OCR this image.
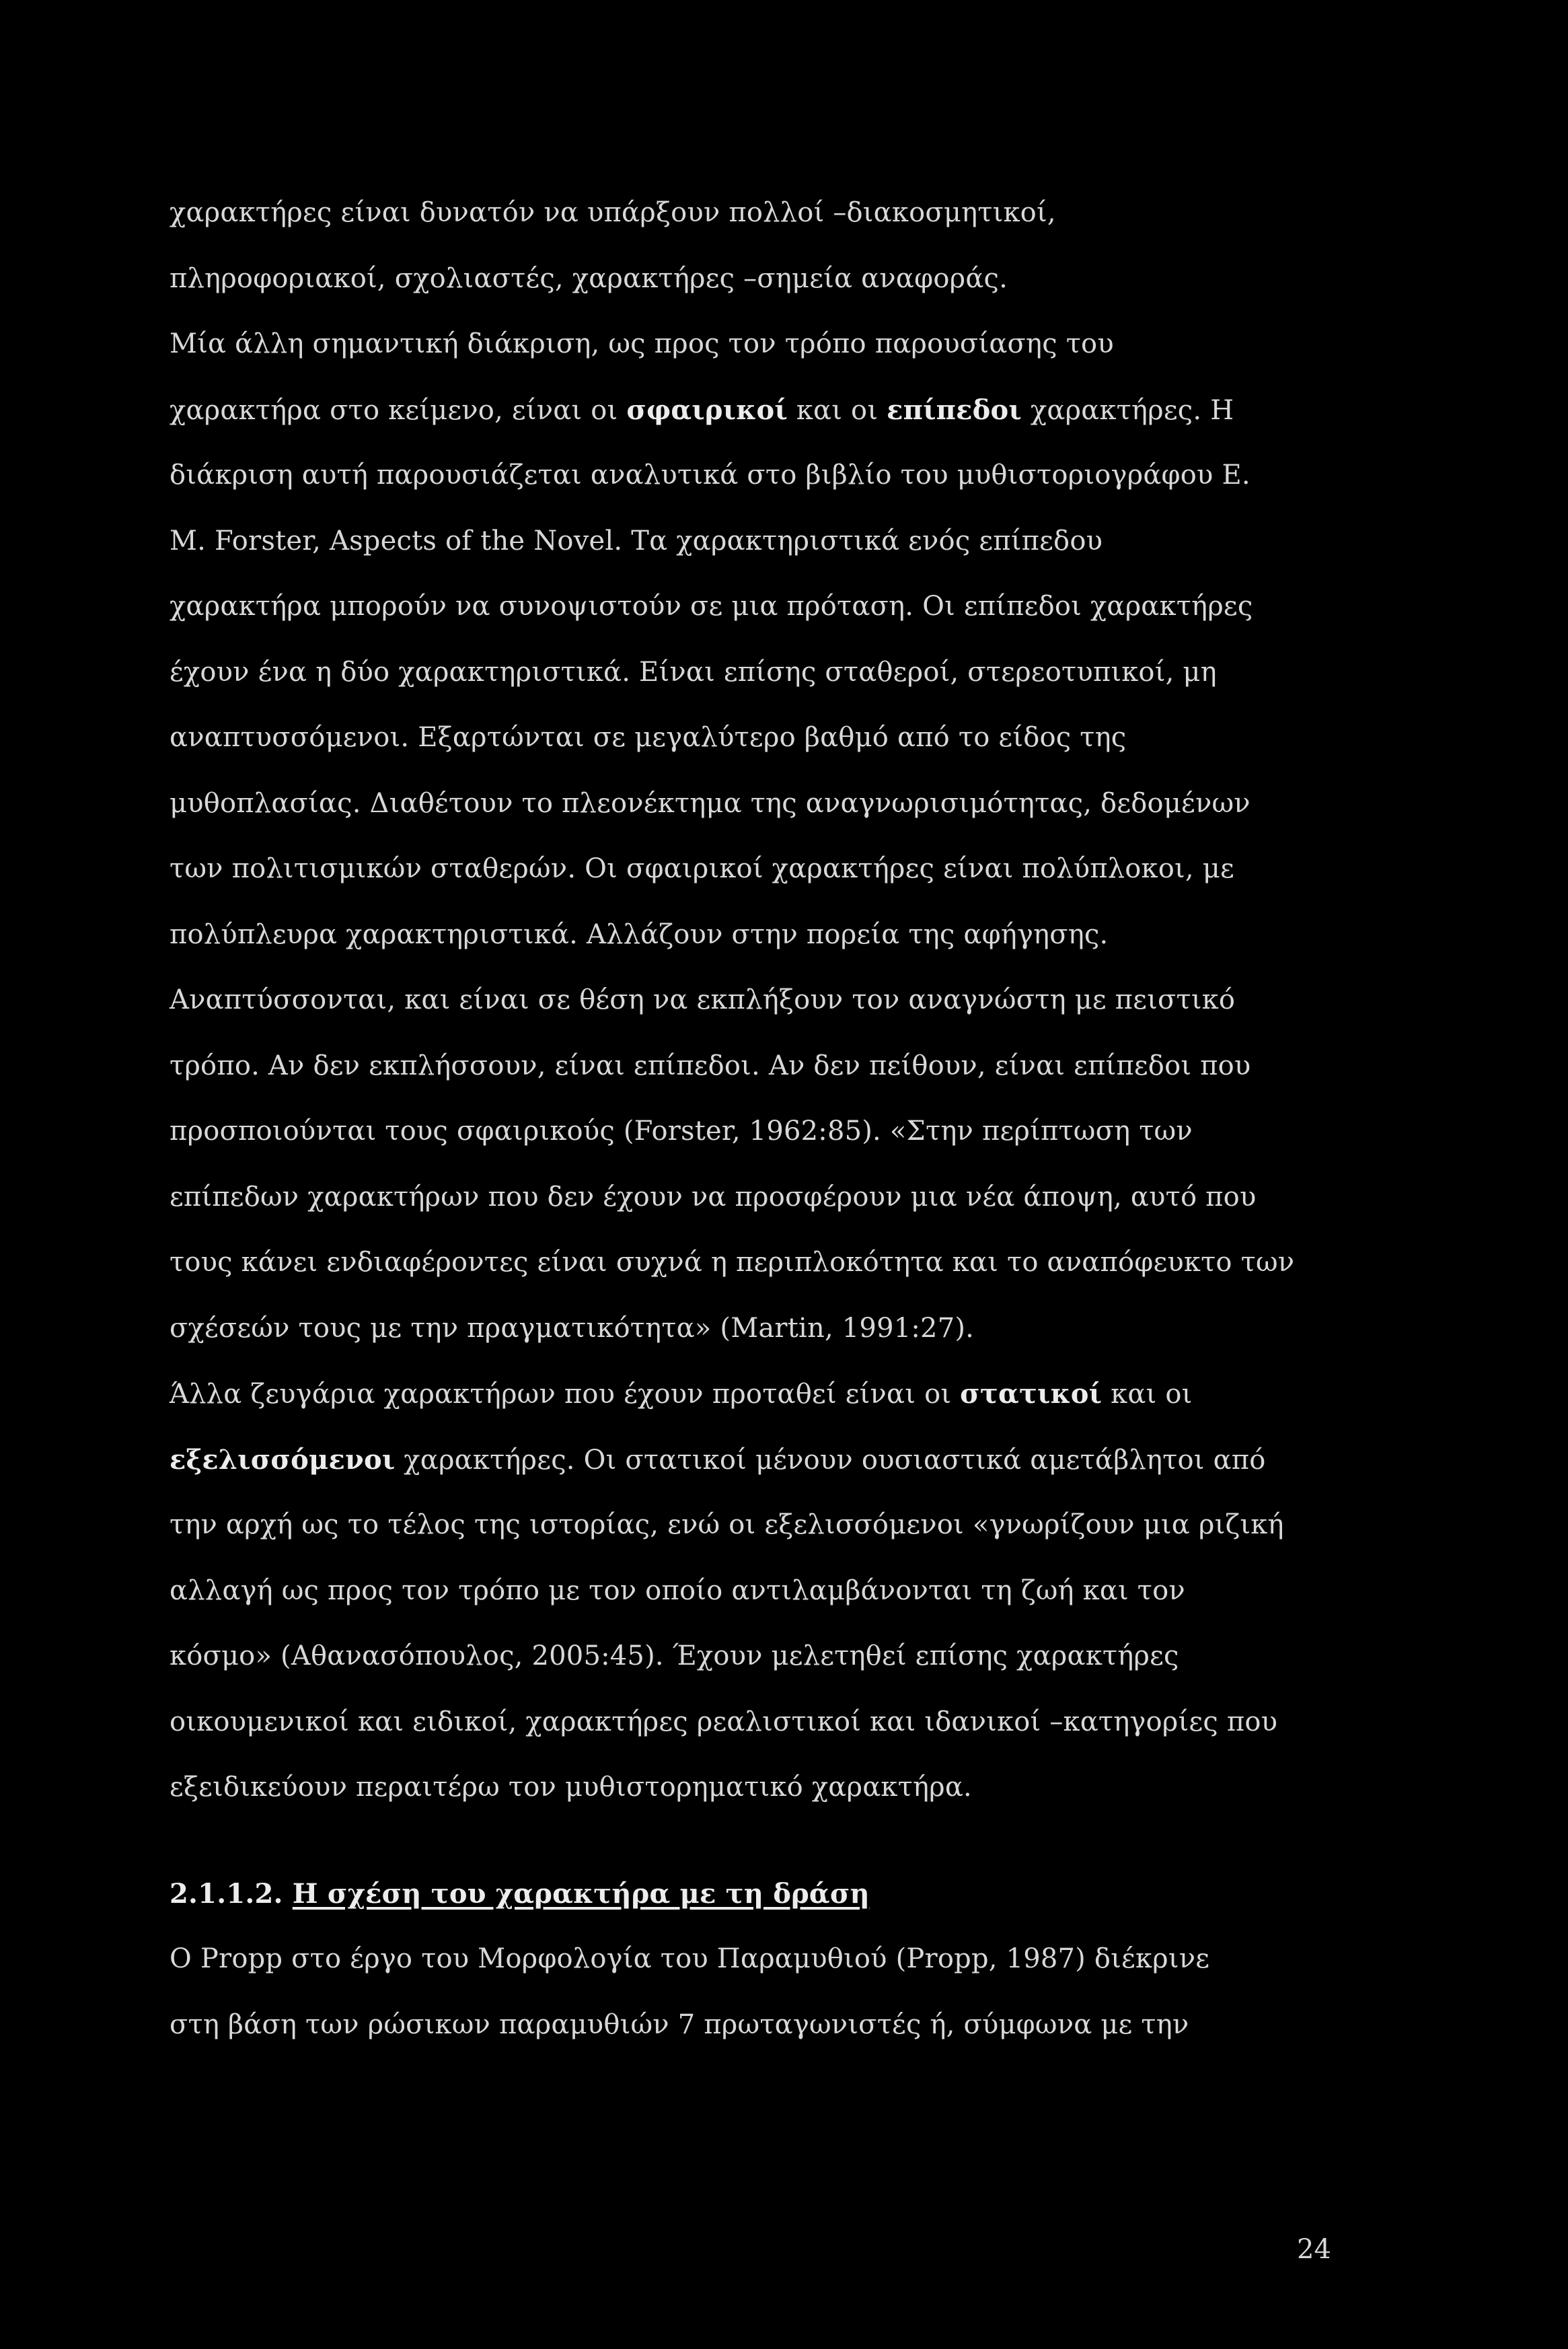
χαρακτήρες είναι δυνατόν να υπάρξουν πολλοί –διακοσμητικοί,
πληροφοριακοί, σχολιαστές, χαρακτήρες –σημεία αναφοράς.
Μία άλλη σημαντική διάκριση, ως προς τον τρόπο παρουσίασης του
χαρακτήρα στο κείμενο, είναι οι σφαιρικοί και οι επίπεδοι χαρακτήρες. Η
διάκριση αυτή παρουσιάζεται αναλυτικά στο βιβλίο του μυθιστοριογράφου Ε.
Μ. Forster, Aspects of the Novel. Τα χαρακτηριστικά ενός επίπεδου
χαρακτήρα μπορούν να συνοψιστούν σε μια πρόταση. Οι επίπεδοι χαρακτήρες
έχουν ένα η δύο χαρακτηριστικά. Είναι επίσης σταθεροί, στερεοτυπικοί, μη
αναπτυσσόμενοι. Εξαρτώνται σε μεγαλύτερο βαθμό από το είδος της
μυθοπλασίας. Διαθέτουν το πλεονέκτημα της αναγνωρισιμότητας, δεδομένων
των πολιτισμικών σταθερών. Οι σφαιρικοί χαρακτήρες είναι πολύπλοκοι, με
πολύπλευρα χαρακτηριστικά. Αλλάζουν στην πορεία της αφήγησης.
Αναπτύσσονται, και είναι σε θέση να εκπλήξουν τον αναγνώστη με πειστικό
τρόπο. Αν δεν εκπλήσσουν, είναι επίπεδοι. Αν δεν πείθουν, είναι επίπεδοι που
προσποιούνται τους σφαιρικούς (Forster, 1962:85). «Στην περίπτωση των
επίπεδων χαρακτήρων που δεν έχουν να προσφέρουν μια νέα άποψη, αυτό που
τους κάνει ενδιαφέροντες είναι συχνά η περιπλοκότητα και το αναπόφευκτο των
σχέσεών τους με την πραγματικότητα» (Martin, 1991:27).
Άλλα ζευγάρια χαρακτήρων που έχουν προταθεί είναι οι στατικοί και οι
εξελισσόμενοι χαρακτήρες. Οι στατικοί μένουν ουσιαστικά αμετάβλητοι από
την αρχή ως το τέλος της ιστορίας, ενώ οι εξελισσόμενοι «γνωρίζουν μια ριζική
αλλαγή ως προς τον τρόπο με τον οποίο αντιλαμβάνονται τη ζωή και τον
κόσμο» (Αθανασόπουλος, 2005:45). Έχουν μελετηθεί επίσης χαρακτήρες
οικουμενικοί και ειδικοί, χαρακτήρες ρεαλιστικοί και ιδανικοί –κατηγορίες που
εξειδικεύουν περαιτέρω τον μυθιστορηματικό χαρακτήρα.
2.1.1.2. Η σχέση του χαρακτήρα με τη δράση
Ο Propp στο έργο του Μορφολογία του Παραμυθιού (Propp, 1987) διέκρινε
στη βάση των ρώσικων παραμυθιών 7 πρωταγωνιστές ή, σύμφωνα με την
24
